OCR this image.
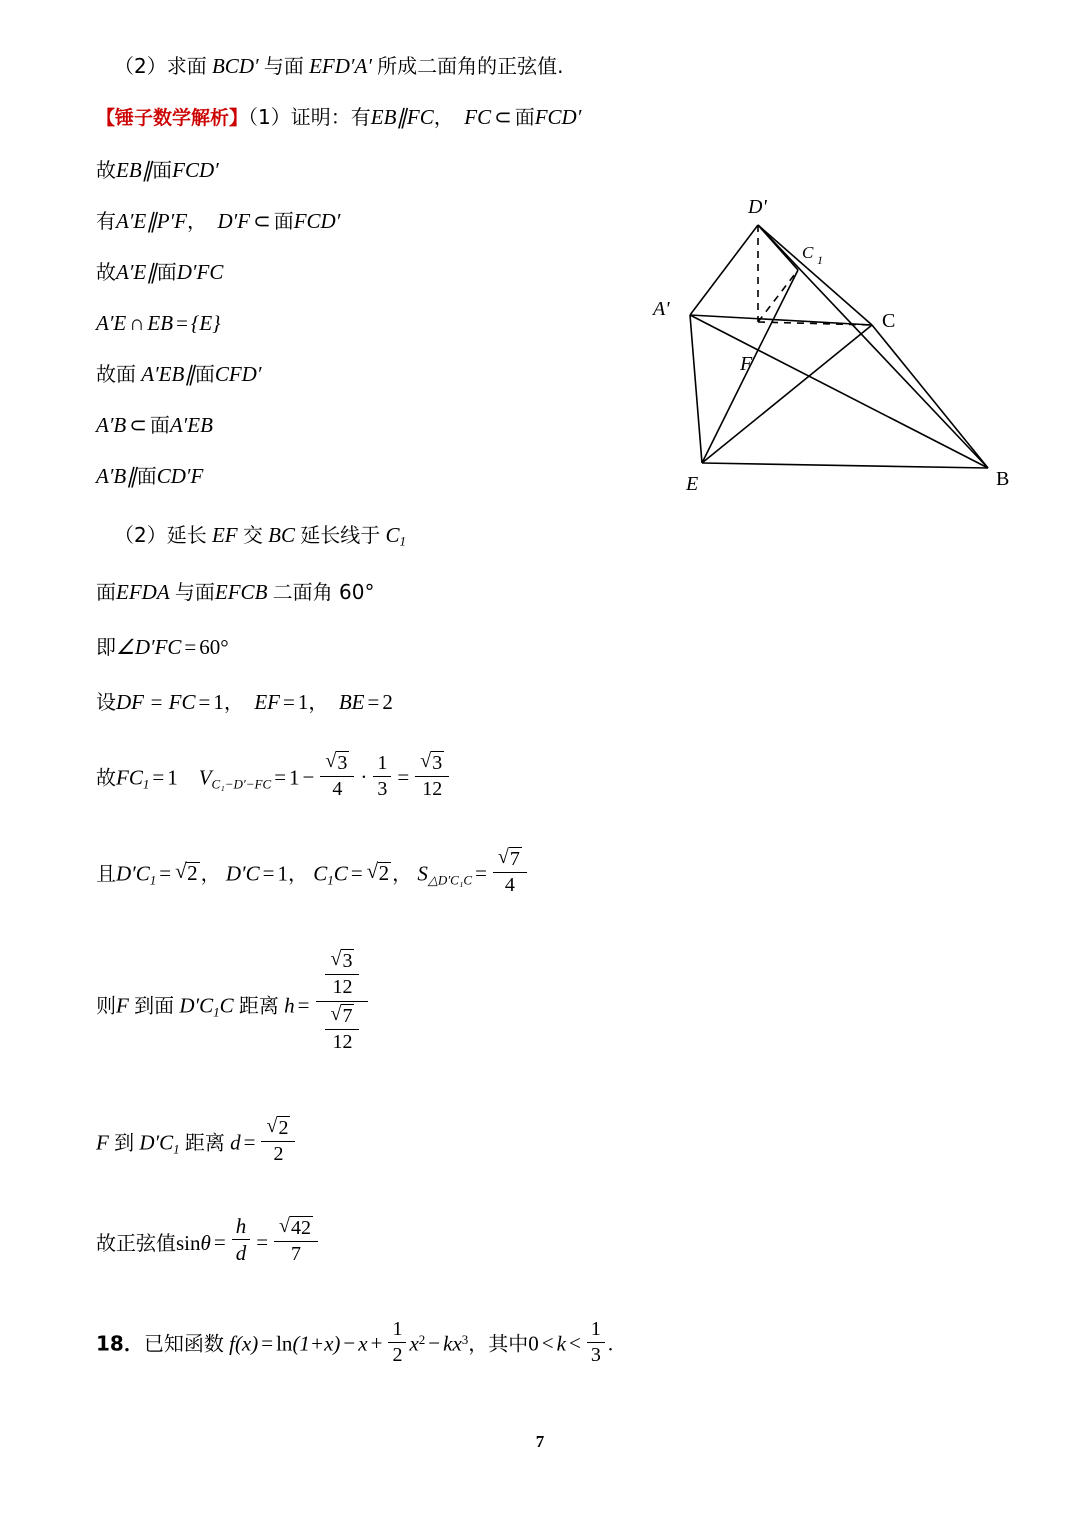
（2）求面 BCD′ 与面 EFD′A′ 所成二面角的正弦值.
【锤子数学解析】（1）证明：有EB∥FC， FC ⊂ 面FCD′
故EB∥面FCD′
有A′E∥P′F， D′F ⊂ 面FCD′
故A′E∥面D′FC
A′E ∩ EB = {E}
故面 A′EB∥面CFD′
A′B ⊂ 面A′EB
A′B∥面CD′F
（2）延长 EF 交 BC 延长线于 $C_1$
面EFDA 与面EFCB 二面角 60°
即∠D′FC = 60°
设DF = FC = 1， EF = 1， BE = 2
故$FC_1 = 1$ $V_{C_1-D'-FC} = 1$ − √ $\frac{3}{4} \cdot \frac{1}{3}$ = √ $\frac{3}{12}$
且$D'C_1$ = √ 2 ， D′C = 1， $C_1C$ = √ 2 ， $S_{\triangle D'C_1C}$ = √ $\frac{7}{4}$
则F 到面 $D'C_1C$ 距离 h = √ $\frac{3}{12}$
√ $\frac{7}{12}$
F 到 $D'C_1$ 距离 d = √ $\frac{2}{2}$
故正弦值$\sin\theta = \frac{h}{d}$ = √ $\frac{42}{7}$
18．已知函数 $f(x) = \ln(1+x) - x + \frac{1}{2} x^2 - kx^3$，其中$0 < k < \frac{1}{3}$ .
D'
C 1
A'
C
F
E	B
7
